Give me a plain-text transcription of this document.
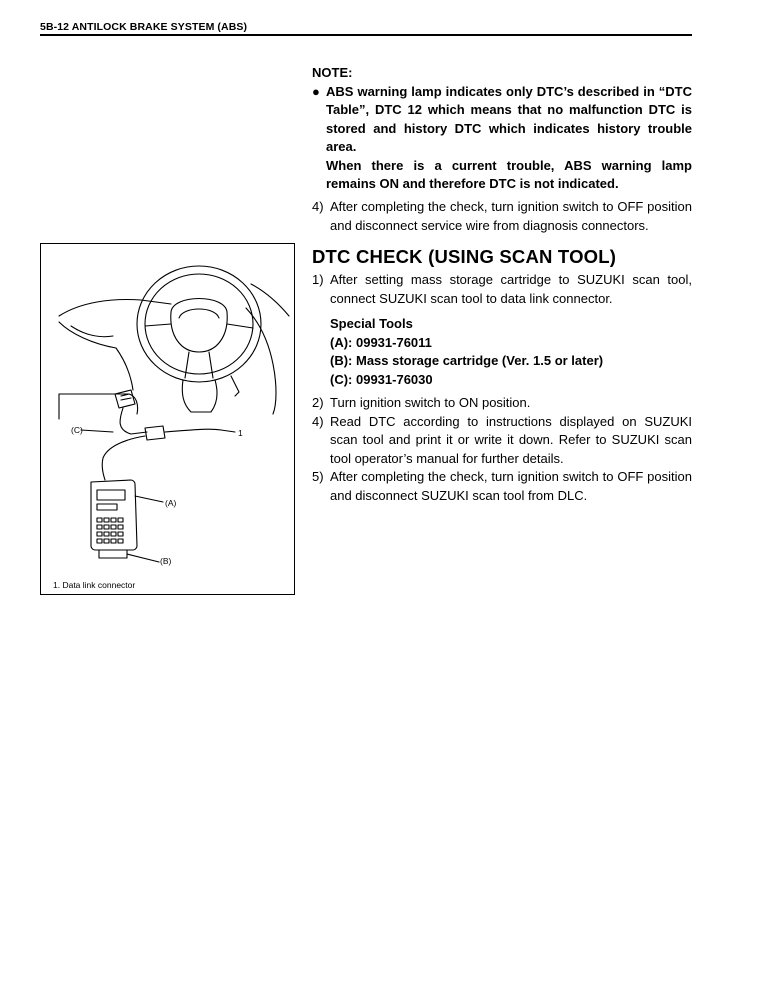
5B-12 ANTILOCK BRAKE SYSTEM (ABS)
NOTE:
● ABS warning lamp indicates only DTC’s described in “DTC Table”, DTC 12 which means that no malfunction DTC is stored and history DTC which indicates history trouble area.
When there is a current trouble, ABS warning lamp remains ON and therefore DTC is not indicated.
4) After completing the check, turn ignition switch to OFF position and disconnect service wire from diagnosis connectors.
DTC CHECK (USING SCAN TOOL)
1) After setting mass storage cartridge to SUZUKI scan tool, connect SUZUKI scan tool to data link connector.
Special Tools
(A): 09931-76011
(B): Mass storage cartridge (Ver. 1.5 or later)
(C): 09931-76030
2) Turn ignition switch to ON position.
4) Read DTC according to instructions displayed on SUZUKI scan tool and print it or write it down. Refer to SUZUKI scan tool operator’s manual for further details.
5) After completing the check, turn ignition switch to OFF position and disconnect SUZUKI scan tool from DLC.
(C)	1
(A)
(B)
1. Data link connector
